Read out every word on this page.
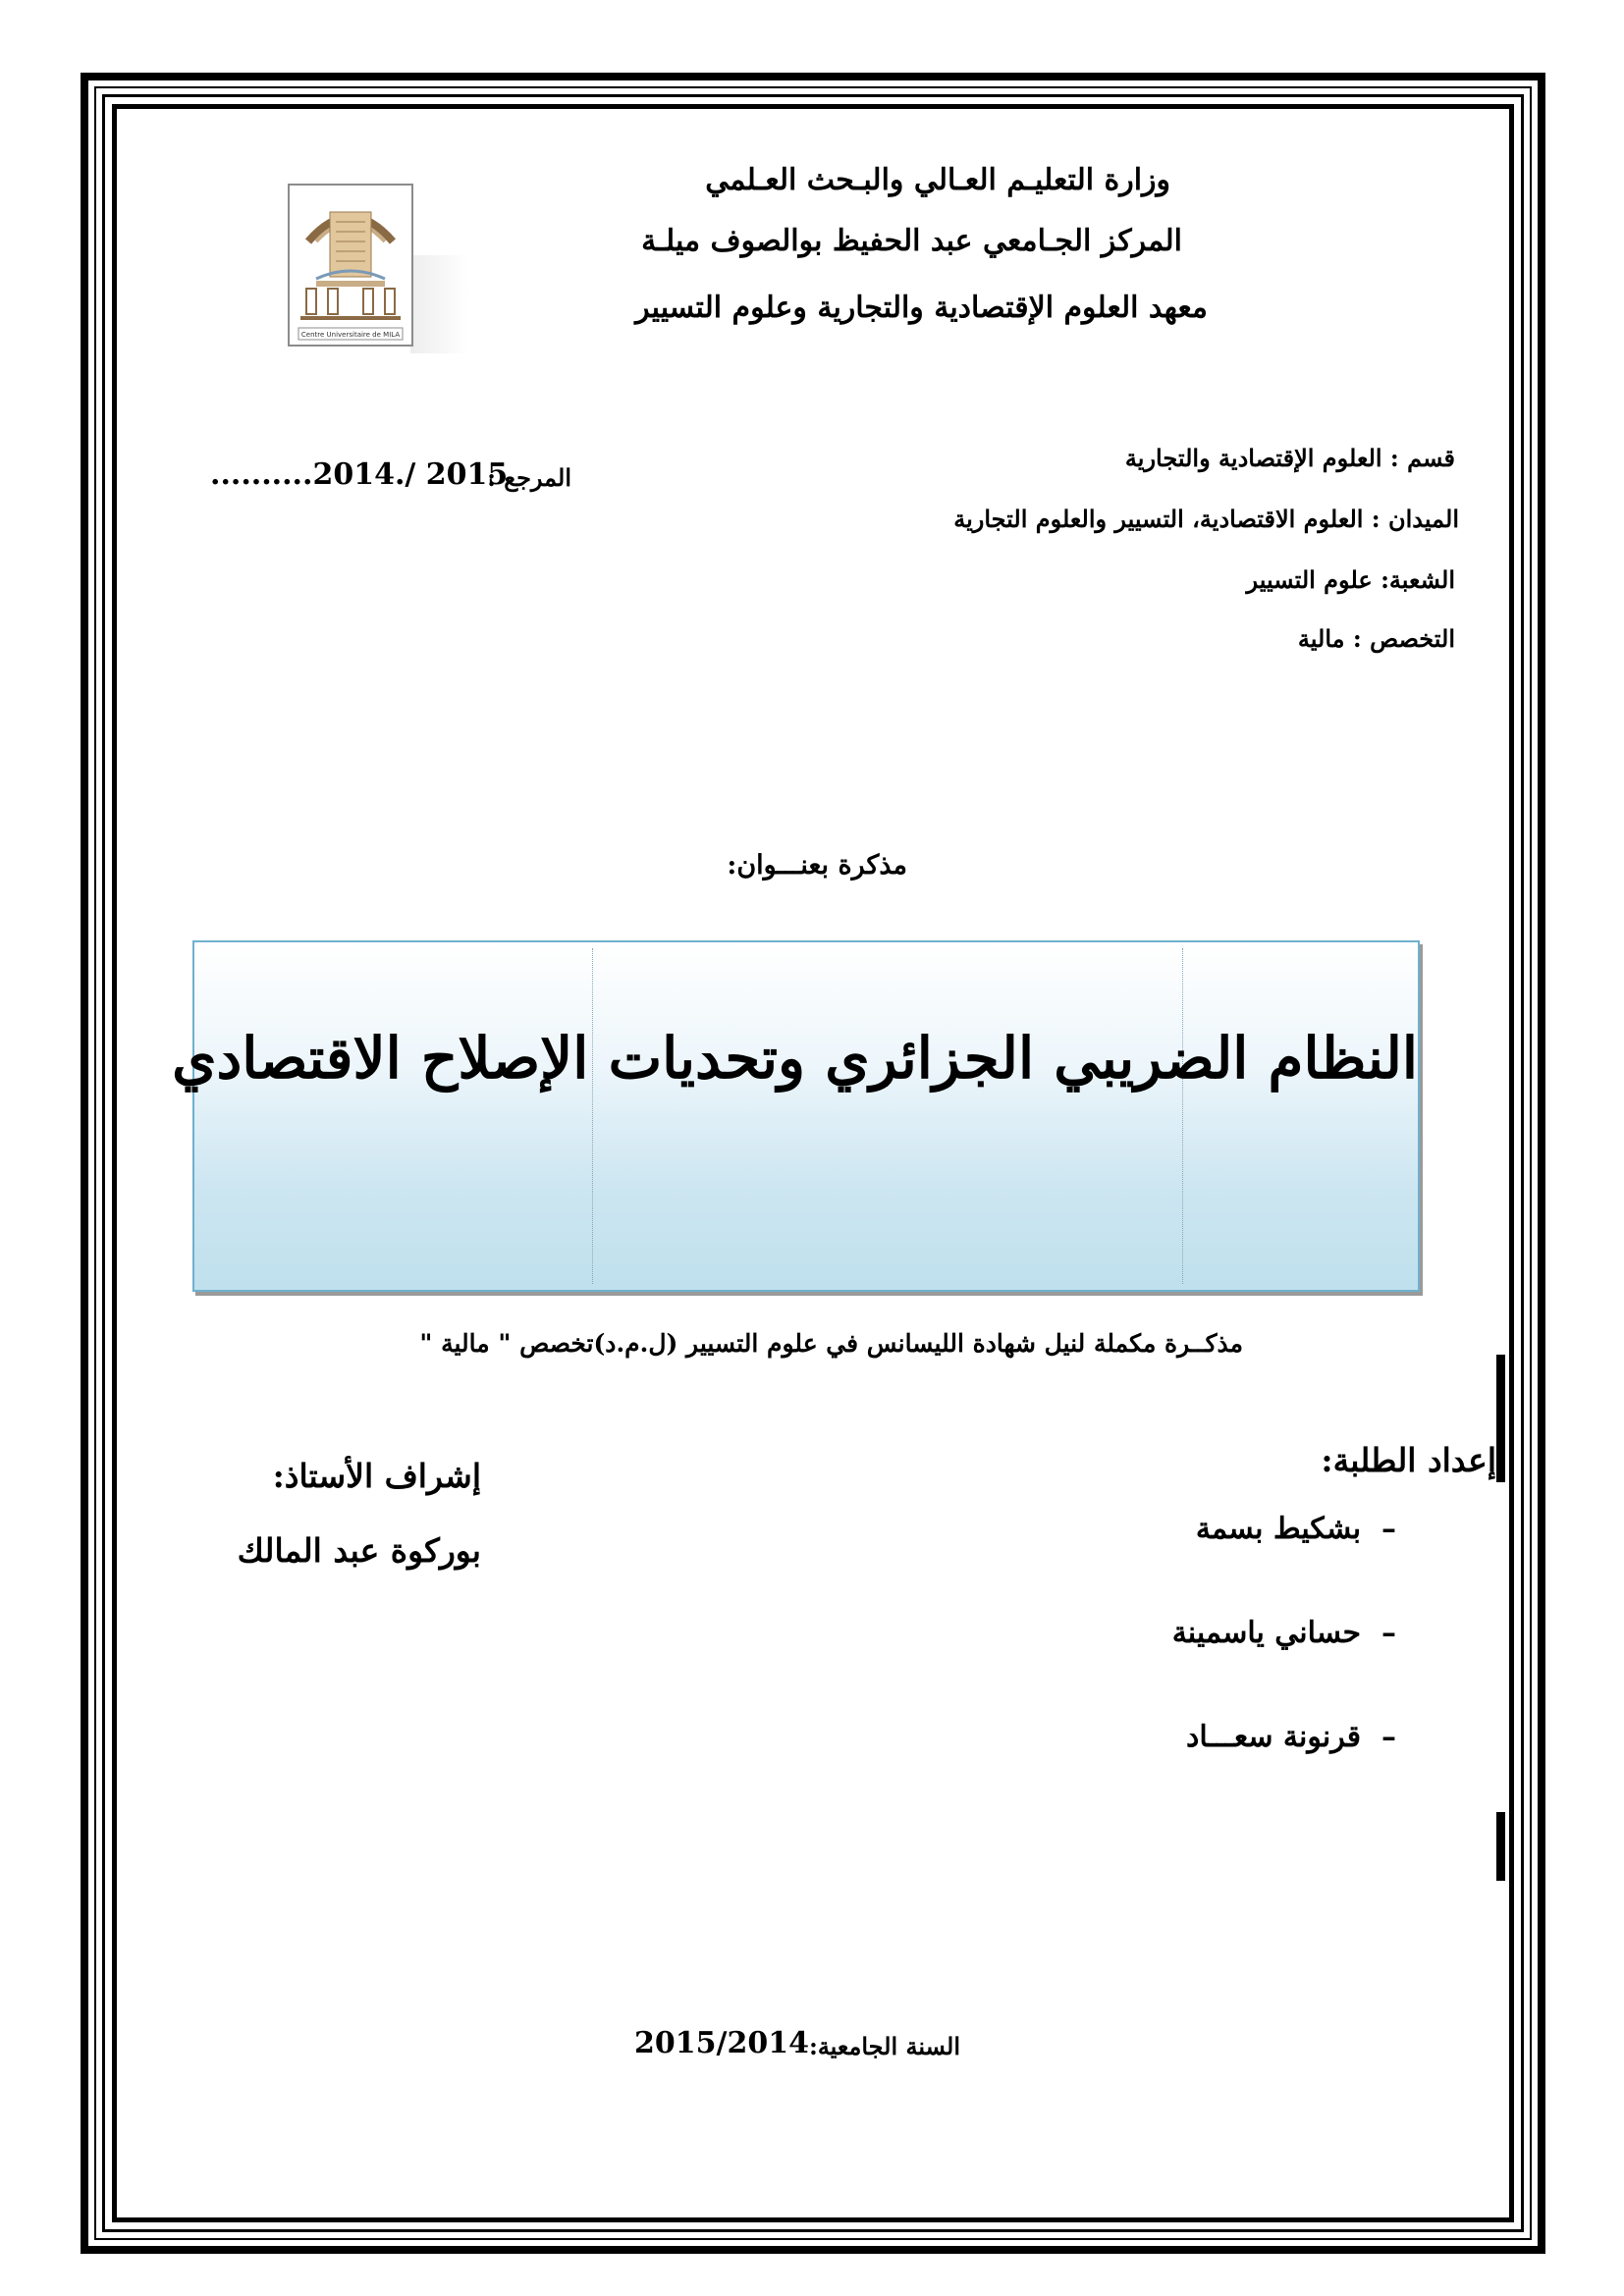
Centre Universitaire de MILA
وزارة التعليـم العـالي والبـحث العـلمي
المركز الجـامعي عبد الحفيظ بوالصوف ميلـة
معهد العلوم الإقتصادية والتجارية وعلوم التسيير
المرجع :
..........2014./ 2015	قسم : العلوم الإقتصادية والتجارية
الميدان : العلوم الاقتصادية، التسيير والعلوم التجارية
الشعبة: علوم التسيير
التخصص : مالية
مذكرة بعنـــوان:
النظام الضريبي الجزائري وتحديات الإصلاح الاقتصادي
مذكــرة مكملة لنيل شهادة الليسانس في علوم التسيير (ل.م.د)تخصص " مالية "
إعداد الطلبة:
–  بشكيط بسمة
–  حساني ياسمينة
–  قرنونة سعـــاد
إشراف الأستاذ:
بوركوة عبد المالك
السنة الجامعية:
2015/2014
